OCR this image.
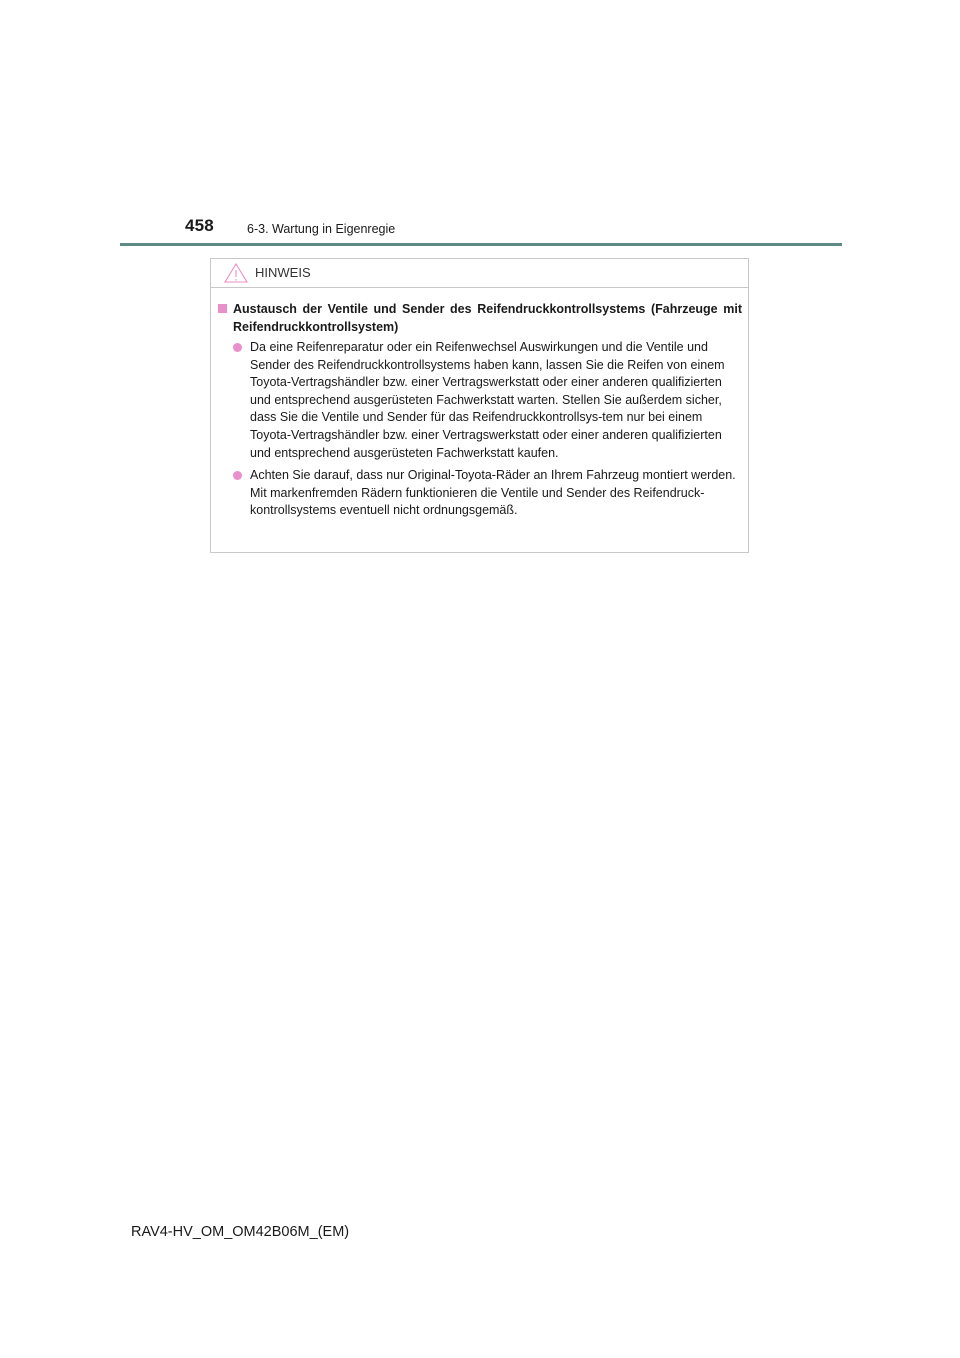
458	6-3. Wartung in Eigenregie
HINWEIS
Austausch der Ventile und Sender des Reifendruckkontrollsystems (Fahrzeuge mit Reifendruckkontrollsystem)
Da eine Reifenreparatur oder ein Reifenwechsel Auswirkungen und die Ventile und Sender des Reifendruckkontrollsystems haben kann, lassen Sie die Reifen von einem Toyota-Vertragshändler bzw. einer Vertragswerkstatt oder einer anderen qualifizierten und entsprechend ausgerüsteten Fachwerkstatt warten. Stellen Sie außerdem sicher, dass Sie die Ventile und Sender für das Reifendruckkontrollsys-tem nur bei einem Toyota-Vertragshändler bzw. einer Vertragswerkstatt oder einer anderen qualifizierten und entsprechend ausgerüsteten Fachwerkstatt kaufen.
Achten Sie darauf, dass nur Original-Toyota-Räder an Ihrem Fahrzeug montiert werden.
Mit markenfremden Rädern funktionieren die Ventile und Sender des Reifendruck-kontrollsystems eventuell nicht ordnungsgemäß.
RAV4-HV_OM_OM42B06M_(EM)
